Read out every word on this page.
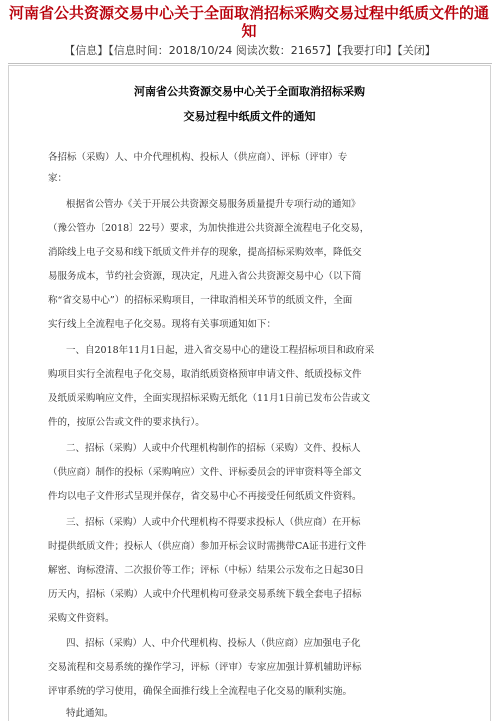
河南省公共资源交易中心关于全面取消招标采购交易过程中纸质文件的通知
【信息】【信息时间：2018/10/24 阅读次数：21657】【我要打印】【关闭】
河南省公共资源交易中心关于全面取消招标采购
交易过程中纸质文件的通知
各招标（采购）人、中介代理机构、投标人（供应商）、评标（评审）专
家：
根据省公管办《关于开展公共资源交易服务质量提升专项行动的通知》
（豫公管办〔2018〕22号）要求，为加快推进公共资源全流程电子化交易，
消除线上电子交易和线下纸质文件并存的现象，提高招标采购效率，降低交
易服务成本，节约社会资源，现决定，凡进入省公共资源交易中心（以下简
称“省交易中心”）的招标采购项目，一律取消相关环节的纸质文件，全面
实行线上全流程电子化交易。现将有关事项通知如下：
一、自2018年11月1日起，进入省交易中心的建设工程招标项目和政府采
购项目实行全流程电子化交易，取消纸质资格预审申请文件、纸质投标文件
及纸质采购响应文件，全面实现招标采购无纸化（11月1日前已发布公告或文
件的，按原公告或文件的要求执行）。
二、招标（采购）人或中介代理机构制作的招标（采购）文件、投标人
（供应商）制作的投标（采购响应）文件、评标委员会的评审资料等全部文
件均以电子文件形式呈现并保存，省交易中心不再接受任何纸质文件资料。
三、招标（采购）人或中介代理机构不得要求投标人（供应商）在开标
时提供纸质文件；投标人（供应商）参加开标会议时需携带CA证书进行文件
解密、询标澄清、二次报价等工作；评标（中标）结果公示发布之日起30日
历天内，招标（采购）人或中介代理机构可登录交易系统下载全套电子招标
采购文件资料。
四、招标（采购）人、中介代理机构、投标人（供应商）应加强电子化
交易流程和交易系统的操作学习，评标（评审）专家应加强计算机辅助评标
评审系统的学习使用，确保全面推行线上全流程电子化交易的顺利实施。
特此通知。
